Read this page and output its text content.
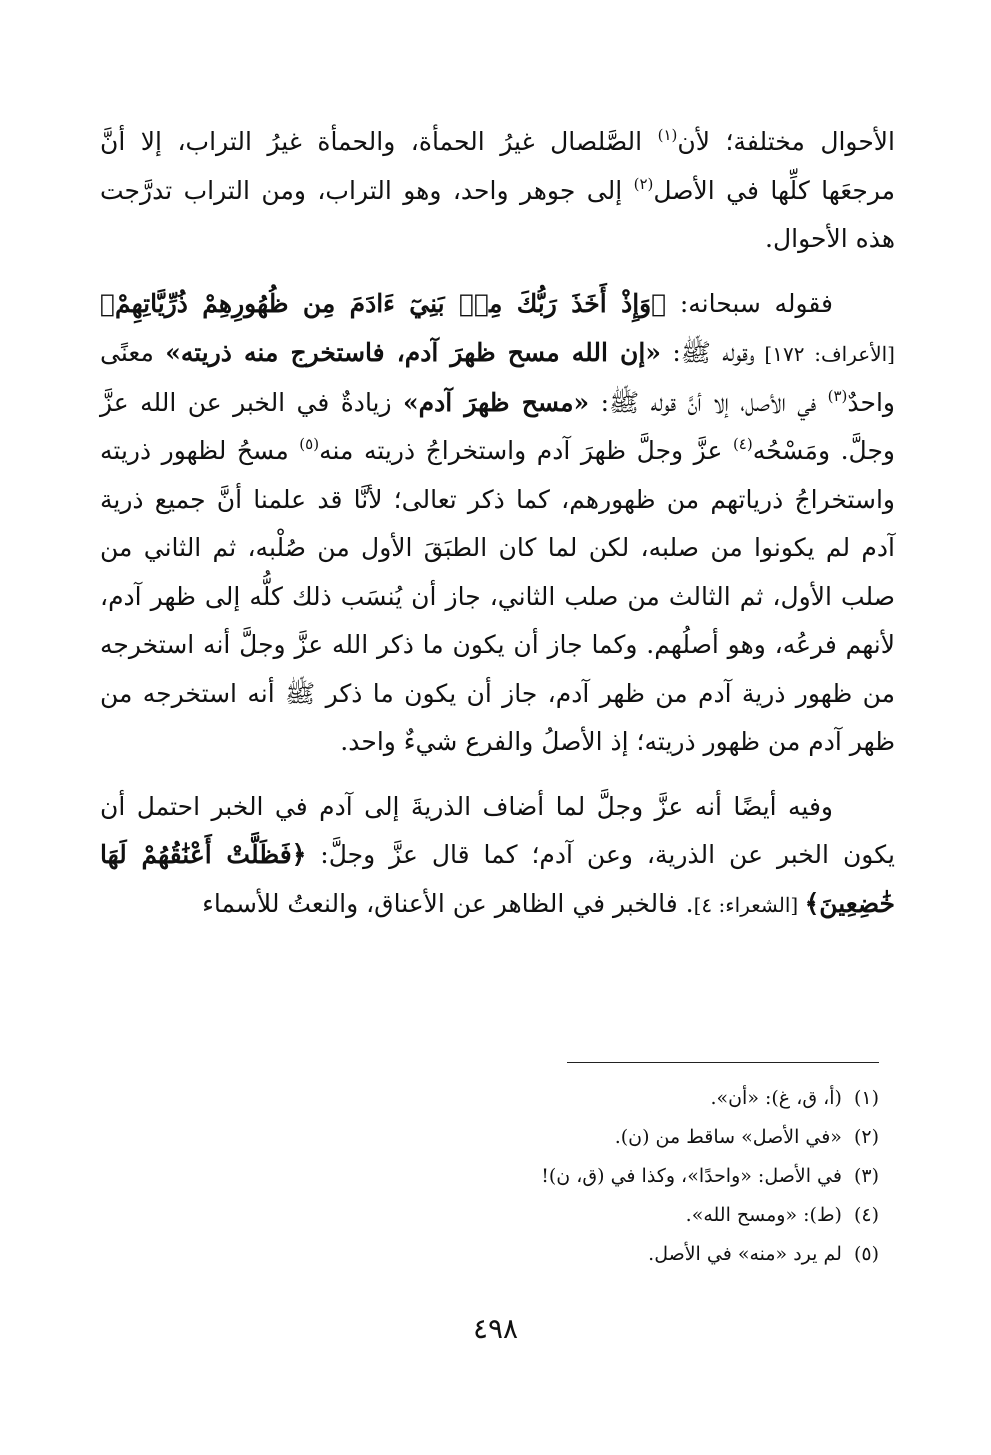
الأحوال مختلفة؛ لأن$^{(١)}$ الصَّلصال غيرُ الحمأة، والحمأة غيرُ التراب، إلا أنَّ مرجعَها كلِّها في الأصل$^{(٢)}$ إلى جوهر واحد، وهو التراب، ومن التراب تدرَّجت هذه الأحوال.

فقوله سبحانه: ﴿وَإِذْ أَخَذَ رَبُّكَ مِنۢ بَنِيٓ ءَادَمَ مِن ظُهُورِهِمْ ذُرِّيَّاتِهِمْ﴾ [الأعراف: ١٧٢] وقوله ﷺ: «إن الله مسح ظهرَ آدم، فاستخرج منه ذريته» معنًى واحدٌ$^{(٣)}$ في الأصل، إلا أنَّ قوله ﷺ: «مسح ظهرَ آدم» زيادةٌ في الخبر عن الله عزَّ وجلَّ. ومَسْحُه$^{(٤)}$ عزَّ وجلَّ ظهرَ آدم واستخراجُ ذريته منه$^{(٥)}$ مسحُ لظهور ذريته واستخراجُ ذرياتهم من ظهورهم، كما ذكر تعالى؛ لأنَّا قد علمنا أنَّ جميع ذرية آدم لم يكونوا من صلبه، لكن لما كان الطبَقَ الأول من صُلْبه، ثم الثاني من صلب الأول، ثم الثالث من صلب الثاني، جاز أن يُنسَب ذلك كلُّه إلى ظهر آدم، لأنهم فرعُه، وهو أصلُهم. وكما جاز أن يكون ما ذكر الله عزَّ وجلَّ أنه استخرجه من ظهور ذرية آدم من ظهر آدم، جاز أن يكون ما ذكر ﷺ أنه استخرجه من ظهر آدم من ظهور ذريته؛ إذ الأصلُ والفرع شيءٌ واحد.

وفيه أيضًا أنه عزَّ وجلَّ لما أضاف الذريةَ إلى آدم في الخبر احتمل أن يكون الخبر عن الذرية، وعن آدم؛ كما قال عزَّ وجلَّ: ﴿فَظَلَّتْ أَعْنَٰقُهُمْ لَهَا خَٰضِعِينَ﴾ [الشعراء: ٤]. فالخبر في الظاهر عن الأعناق، والنعتُ للأسماء

(١)(أ، ق، غ): «أن».
(٢)«في الأصل» ساقط من (ن).
(٣)في الأصل: «واحدًا»، وكذا في (ق، ن)!
(٤)(ط): «ومسح الله».
(٥)لم يرد «منه» في الأصل.
٤٩٨
